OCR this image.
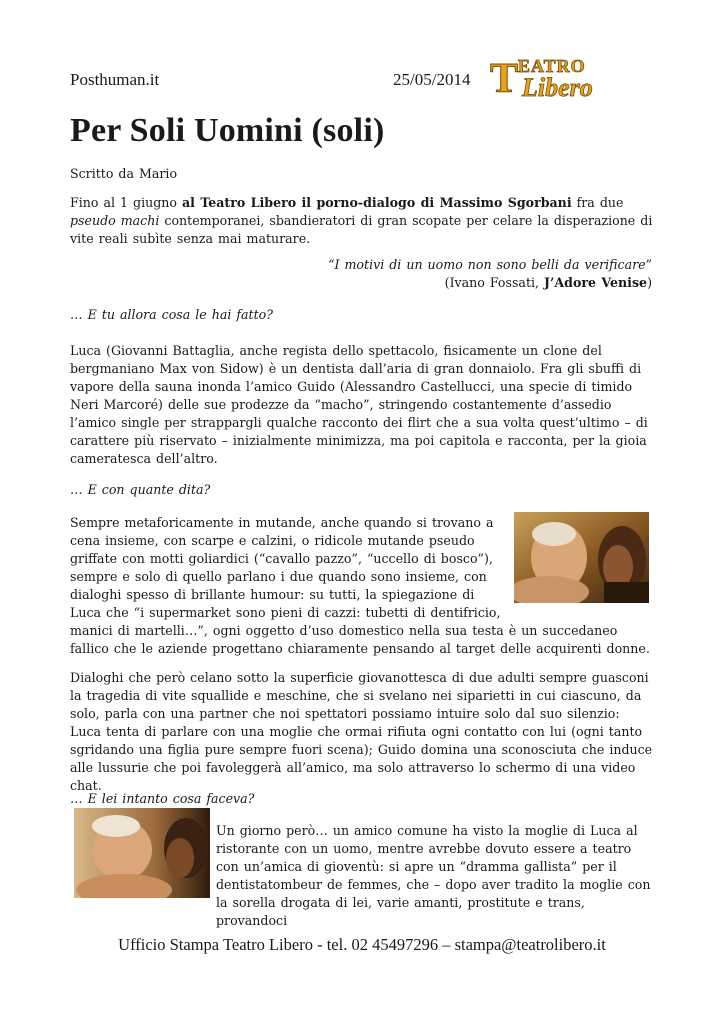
Posthuman.it	25/05/2014 T EATRO
Libero
Per Soli Uomini (soli)
Scritto da Mario
Fino al 1 giugno al Teatro Libero il porno-dialogo di Massimo Sgorbani fra due pseudo machi contemporanei, sbandieratori di gran scopate per celare la disperazione di vite reali subìte senza mai maturare.
“I motivi di un uomo non sono belli da verificare”
(Ivano Fossati, J’Adore Venise)
… E tu allora cosa le hai fatto?
Luca (Giovanni Battaglia, anche regista dello spettacolo, fisicamente un clone del bergmaniano Max von Sidow) è un dentista dall’aria di gran donnaiolo. Fra gli sbuffi di vapore della sauna inonda l’amico Guido (Alessandro Castellucci, una specie di timido Neri Marcoré) delle sue prodezze da “macho”, stringendo costantemente d’assedio l’amico single per strappargli qualche racconto dei flirt che a sua volta quest’ultimo – di carattere più riservato – inizialmente minimizza, ma poi capitola e racconta, per la gioia cameratesca dell’altro.
… E con quante dita?
Sempre metaforicamente in mutande, anche quando si trovano a cena insieme, con scarpe e calzini, o ridicole mutande pseudo griffate con motti goliardici (“cavallo pazzo”, “uccello di bosco”), sempre e solo di quello parlano i due quando sono insieme, con dialoghi spesso di brillante humour: su tutti, la spiegazione di Luca che “i supermarket sono pieni di cazzi: tubetti di dentifricio, manici di martelli…”, ogni oggetto d’uso domestico nella sua testa è un succedaneo fallico che le aziende progettano chiaramente pensando al target delle acquirenti donne.
Dialoghi che però celano sotto la superficie giovanottesca di due adulti sempre guasconi la tragedia di vite squallide e meschine, che si svelano nei siparietti in cui ciascuno, da solo, parla con una partner che noi spettatori possiamo intuire solo dal suo silenzio: Luca tenta di parlare con una moglie che ormai rifiuta ogni contatto con lui (ogni tanto sgridando una figlia pure sempre fuori scena); Guido domina una sconosciuta che induce alle lussurie che poi favoleggerà all’amico, ma solo attraverso lo schermo di una video chat.
… E lei intanto cosa faceva?
Un giorno però… un amico comune ha visto la moglie di Luca al ristorante con un uomo, mentre avrebbe dovuto essere a teatro con un’amica di gioventù: si apre un “dramma gallista” per il dentistatombeur de femmes, che – dopo aver tradito la moglie con la sorella drogata di lei, varie amanti, prostitute e trans, provandoci
Ufficio Stampa Teatro Libero - tel. 02 45497296 – stampa@teatrolibero.it
